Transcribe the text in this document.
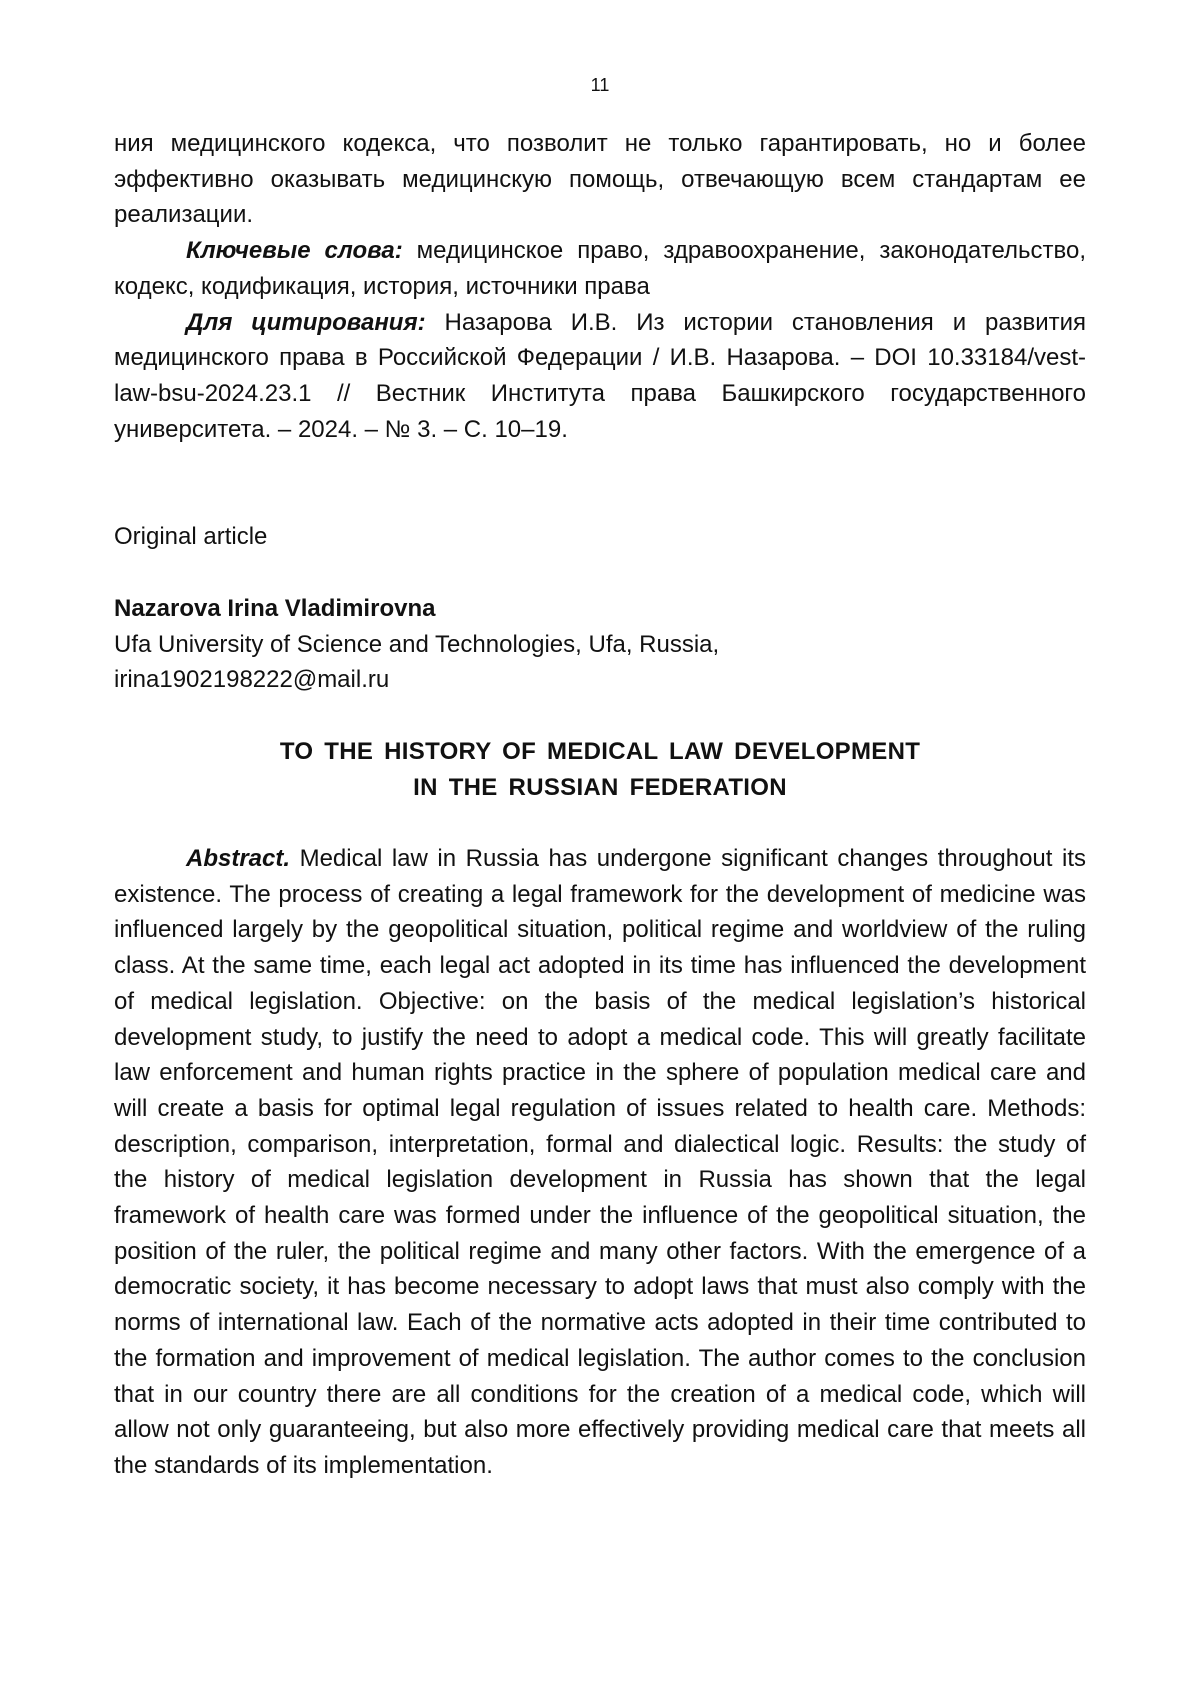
11

ния медицинского кодекса, что позволит не только гарантировать, но и более эффективно оказывать медицинскую помощь, отвечающую всем стандартам ее реализации.

Ключевые слова: медицинское право, здравоохранение, законодательство, кодекс, кодификация, история, источники права

Для цитирования: Назарова И.В. Из истории становления и развития медицинского права в Российской Федерации / И.В. Назарова. – DOI 10.33184/vest-law-bsu-2024.23.1 // Вестник Института права Башкирского государственного университета. – 2024. – № 3. – С. 10–19.

Original article

Nazarova Irina Vladimirovna

Ufa University of Science and Technologies, Ufa, Russia,

irina1902198222@mail.ru

TO THE HISTORY OF MEDICAL LAW DEVELOPMENT
IN THE RUSSIAN FEDERATION

Abstract. Medical law in Russia has undergone significant changes throughout its existence. The process of creating a legal framework for the development of medicine was influenced largely by the geopolitical situation, political regime and worldview of the ruling class. At the same time, each legal act adopted in its time has influenced the development of medical legislation. Objective: on the basis of the medical legislation’s historical development study, to justify the need to adopt a medical code. This will greatly facilitate law enforcement and human rights practice in the sphere of population medical care and will create a basis for optimal legal regulation of issues related to health care. Methods: description, comparison, interpretation, formal and dialectical logic. Results: the study of the history of medical legislation development in Russia has shown that the legal framework of health care was formed under the influence of the geopolitical situation, the position of the ruler, the political regime and many other factors. With the emergence of a democratic society, it has become necessary to adopt laws that must also comply with the norms of international law. Each of the normative acts adopted in their time contributed to the formation and improvement of medical legislation. The author comes to the conclusion that in our country there are all conditions for the creation of a medical code, which will allow not only guaranteeing, but also more effectively providing medical care that meets all the standards of its implementation.
